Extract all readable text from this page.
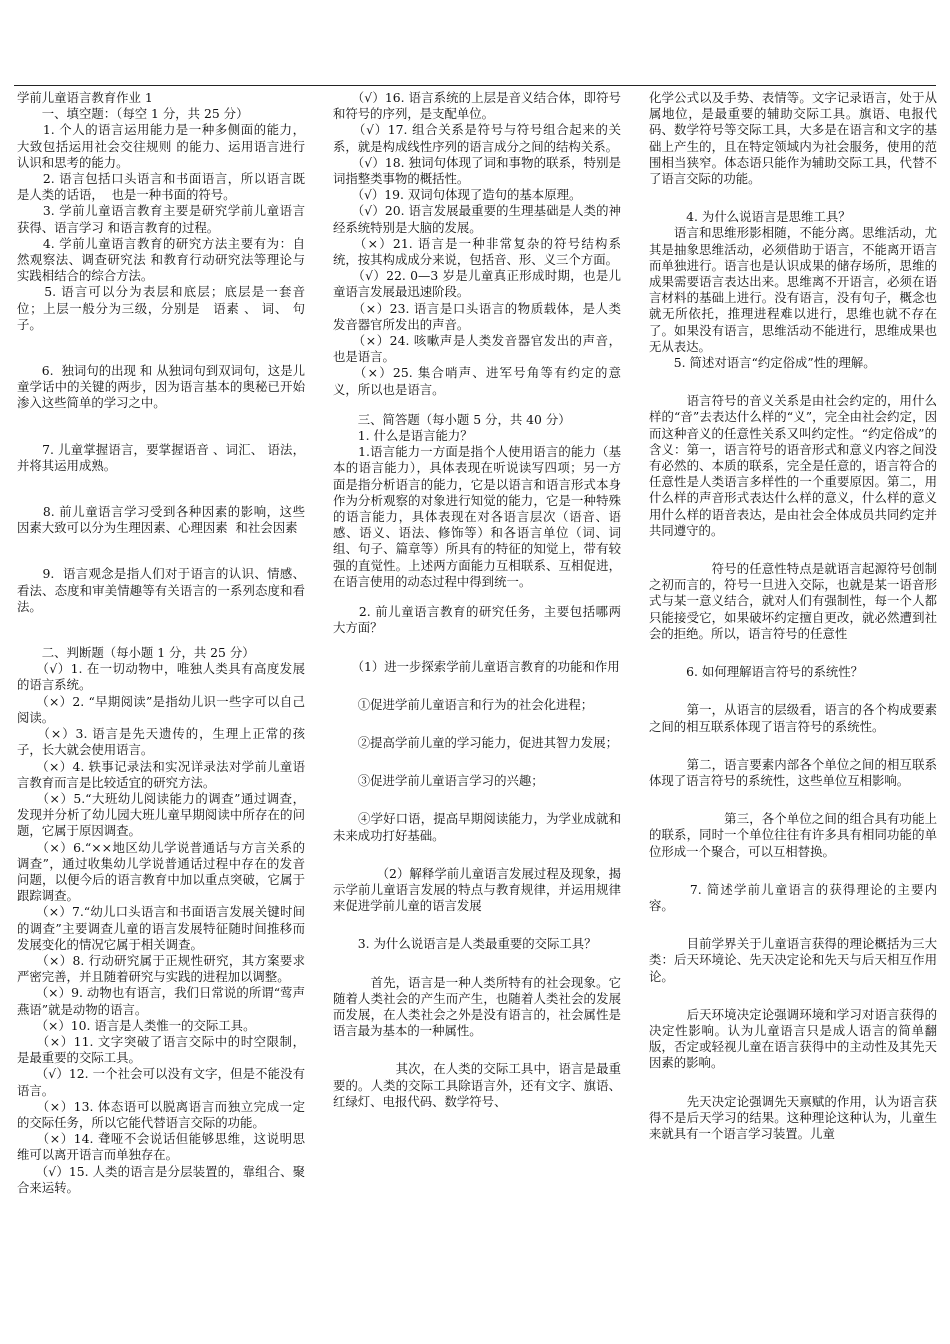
学前儿童语言教育作业 1

　　一、填空题：（每空 1 分，共 25 分）

　　1. 个人的语言运用能力是一种多侧面的能力，大致包括运用社会交往规则 的能力、运用语言进行认识和思考的能力。

　　2. 语言包括口头语言和书面语言，所以语言既是人类的话语，  也是一种书面的符号。

　　3. 学前儿童语言教育主要是研究学前儿童语言获得、语言学习 和语言教育的过程。

　　4. 学前儿童语言教育的研究方法主要有为：自然观察法、调查研究法 和教育行动研究法等理论与实践相结合的综合方法。

　　5. 语言可以分为表层和底层；底层是一套音位；上层一般分为三级，分别是　语素 、 词、 句子。

　　6.  独词句的出现 和 从独词句到双词句，这是儿童学话中的关键的两步，因为语言基本的奥秘已开始渗入这些简单的学习之中。

　　7. 儿童掌握语言，要掌握语音 、词汇、 语法，并将其运用成熟。

　　8. 前儿童语言学习受到各种因素的影响，这些因素大致可以分为生理因素、心理因素  和社会因素

　　9.  语言观念是指人们对于语言的认识、情感、看法、态度和审美情趣等有关语言的一系列态度和看法。

　　二、判断题（每小题 1 分，共 25 分）

　　（√）1. 在一切动物中，唯独人类具有高度发展的语言系统。

　　（×）2. “早期阅读”是指幼儿识一些字可以自己阅读。

　　（×）3. 语言是先天遗传的，生理上正常的孩子，长大就会使用语言。

　　（×）4. 轶事记录法和实况详录法对学前儿童语言教育而言是比较适宜的研究方法。

　　（×）5.“大班幼儿阅读能力的调查”通过调查，发现并分析了幼儿园大班儿童早期阅读中所存在的问题，它属于原因调查。

　　（×）6.“××地区幼儿学说普通话与方言关系的调查”，通过收集幼儿学说普通话过程中存在的发音问题，以便今后的语言教育中加以重点突破，它属于跟踪调查。

　　（×）7.“幼儿口头语言和书面语言发展关键时间的调查”主要调查儿童的语言发展特征随时间推移而发展变化的情况它属于相关调查。

　　（×）8. 行动研究属于正规性研究，其方案要求严密完善，并且随着研究与实践的进程加以调整。

　　（×）9. 动物也有语言，我们日常说的所谓“莺声燕语”就是动物的语言。

　　（×）10. 语言是人类惟一的交际工具。

　　（×）11. 文字突破了语言交际中的时空限制，是最重要的交际工具。

　　（√）12. 一个社会可以没有文字，但是不能没有语言。

　　（×）13. 体态语可以脱离语言而独立完成一定的交际任务，所以它能代替语言交际的功能。

　　（×）14. 聋哑不会说话但能够思维，这说明思维可以离开语言而单独存在。

　　（√）15. 人类的语言是分层装置的，靠组合、聚合来运转。

　　（√）16. 语言系统的上层是音义结合体，即符号和符号的序列，是支配单位。

　　（√）17. 组合关系是符号与符号组合起来的关系，就是构成线性序列的语言成分之间的结构关系。

　　（√）18. 独词句体现了词和事物的联系，特别是词指整类事物的概括性。

　　（√）19. 双词句体现了造句的基本原理。

　　（√）20. 语言发展最重要的生理基础是人类的神经系统特别是大脑的发展。

　　（×）21. 语言是一种非常复杂的符号结构系统，按其构成成分来说，包括音、形、义三个方面。

　　（√）22. 0—3 岁是儿童真正形成时期，也是儿童语言发展最迅速阶段。

　　（×）23. 语言是口头语言的物质载体，是人类发音器官所发出的声音。

　　（×）24. 咳嗽声是人类发音器官发出的声音，也是语言。

　　（×）25. 集合哨声、进军号角等有约定的意义，所以也是语言。

　　三、简答题（每小题 5 分，共 40 分）

　　1. 什么是语言能力？

　　1.语言能力一方面是指个人使用语言的能力（基本的语言能力），具体表现在听说读写四项；另一方面是指分析语言的能力，它是以语言和语言形式本身作为分析观察的对象进行知觉的能力，它是一种特殊的语言能力，具体表现在对各语言层次（语音、语感、语义、语法、修饰等）和各语言单位（词、词组、句子、篇章等）所具有的特征的知觉上，带有较强的直觉性。上述两方面能力互相联系、互相促进，在语言使用的动态过程中得到统一。

　　2. 前儿童语言教育的研究任务，主要包括哪两大方面？

　　（1）进一步探索学前儿童语言教育的功能和作用

　　①促进学前儿童语言和行为的社会化进程；

　　②提高学前儿童的学习能力，促进其智力发展；

　　③促进学前儿童语言学习的兴趣；

　　④学好口语，提高早期阅读能力，为学业成就和未来成功打好基础。

　　　　（2）解释学前儿童语言发展过程及现象，揭示学前儿童语言发展的特点与教育规律，并运用规律来促进学前儿童的语言发展

　　3. 为什么说语言是人类最重要的交际工具？

　　　首先，语言是一种人类所特有的社会现象。它随着人类社会的产生而产生，也随着人类社会的发展而发展，在人类社会之外是没有语言的，社会属性是语言最为基本的一种属性。

　　　　　其次，在人类的交际工具中，语言是最重要的。人类的交际工具除语言外，还有文字、旗语、红绿灯、电报代码、数学符号、

化学公式以及手势、表情等。文字记录语言，处于从属地位，是最重要的辅助交际工具。旗语、电报代码、数学符号等交际工具，大多是在语言和文字的基础上产生的，且在特定领域内为社会服务，使用的范围相当狭窄。体态语只能作为辅助交际工具，代替不了语言交际的功能。

　　　4. 为什么说语言是思维工具？

　　语言和思维形影相随，不能分离。思维活动，尤其是抽象思维活动，必须借助于语言，不能离开语言而单独进行。语言也是认识成果的储存场所，思维的成果需要语言表达出来。思维离不开语言，必须在语言材料的基础上进行。没有语言，没有句子，概念也就无所依托，推理进程难以进行，思维也就不存在了。如果没有语言，思维活动不能进行，思维成果也无从表达。

　　5. 简述对语言“约定俗成”性的理解。

　　　语言符号的音义关系是由社会约定的，用什么样的“音”去表达什么样的“义”，完全由社会约定，因而这种音义的任意性关系又叫约定性。“约定俗成”的含义：第一，语言符号的语音形式和意义内容之间没有必然的、本质的联系，完全是任意的，语言符合的任意性是人类语言多样性的一个重要原因。第二，用什么样的声音形式表达什么样的意义，什么样的意义用什么样的语音表达，是由社会全体成员共同约定并共同遵守的。

　　　　　符号的任意性特点是就语言起源符号创制之初而言的，符号一旦进入交际，也就是某一语音形式与某一意义结合，就对人们有强制性，每一个人都只能接受它，如果破坏约定擅自更改，就必然遭到社会的拒绝。所以，语言符号的任意性

　　　6. 如何理解语言符号的系统性？

　　　第一，从语言的层级看，语言的各个构成要素之间的相互联系体现了语言符号的系统性。

　　　第二，语言要素内部各个单位之间的相互联系体现了语言符号的系统性，这些单位互相影响。

　　　　　　第三，各个单位之间的组合具有功能上的联系，同时一个单位往往有许多具有相同功能的单位形成一个聚合，可以互相替换。

　　　7. 简述学前儿童语言的获得理论的主要内容。

　　　目前学界关于儿童语言获得的理论概括为三大类：后天环境论、先天决定论和先天与后天相互作用论。

　　　后天环境决定论强调环境和学习对语言获得的决定性影响。认为儿童语言只是成人语言的简单翻版，否定或轻视儿童在语言获得中的主动性及其先天因素的影响。

　　　先天决定论强调先天禀赋的作用，认为语言获得不是后天学习的结果。这种理论这种认为，儿童生来就具有一个语言学习装置。儿童
